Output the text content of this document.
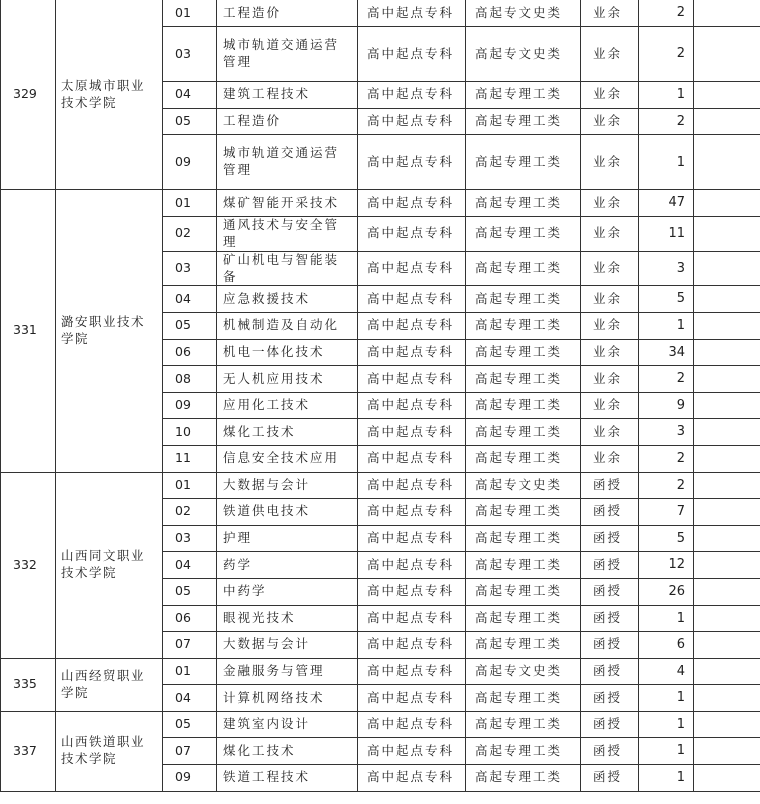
329	太原城市职业技术学院	01	工程造价	高中起点专科	高起专文史类	业余	2	
		03	城市轨道交通运营管理	高中起点专科	高起专文史类	业余	2	
		04	建筑工程技术	高中起点专科	高起专理工类	业余	1	
		05	工程造价	高中起点专科	高起专理工类	业余	2	
		09	城市轨道交通运营管理	高中起点专科	高起专理工类	业余	1	
331	潞安职业技术学院	01	煤矿智能开采技术	高中起点专科	高起专理工类	业余	47	
		02	通风技术与安全管理	高中起点专科	高起专理工类	业余	11	
		03	矿山机电与智能装备	高中起点专科	高起专理工类	业余	3	
		04	应急救援技术	高中起点专科	高起专理工类	业余	5	
		05	机械制造及自动化	高中起点专科	高起专理工类	业余	1	
		06	机电一体化技术	高中起点专科	高起专理工类	业余	34	
		08	无人机应用技术	高中起点专科	高起专理工类	业余	2	
		09	应用化工技术	高中起点专科	高起专理工类	业余	9	
		10	煤化工技术	高中起点专科	高起专理工类	业余	3	
		11	信息安全技术应用	高中起点专科	高起专理工类	业余	2	
332	山西同文职业技术学院	01	大数据与会计	高中起点专科	高起专文史类	函授	2	
		02	铁道供电技术	高中起点专科	高起专理工类	函授	7	
		03	护理	高中起点专科	高起专理工类	函授	5	
		04	药学	高中起点专科	高起专理工类	函授	12	
		05	中药学	高中起点专科	高起专理工类	函授	26	
		06	眼视光技术	高中起点专科	高起专理工类	函授	1	
		07	大数据与会计	高中起点专科	高起专理工类	函授	6	
335	山西经贸职业学院	01	金融服务与管理	高中起点专科	高起专文史类	函授	4	
		04	计算机网络技术	高中起点专科	高起专理工类	函授	1	
337	山西铁道职业技术学院	05	建筑室内设计	高中起点专科	高起专理工类	函授	1	
		07	煤化工技术	高中起点专科	高起专理工类	函授	1	
		09	铁道工程技术	高中起点专科	高起专理工类	函授	1	
